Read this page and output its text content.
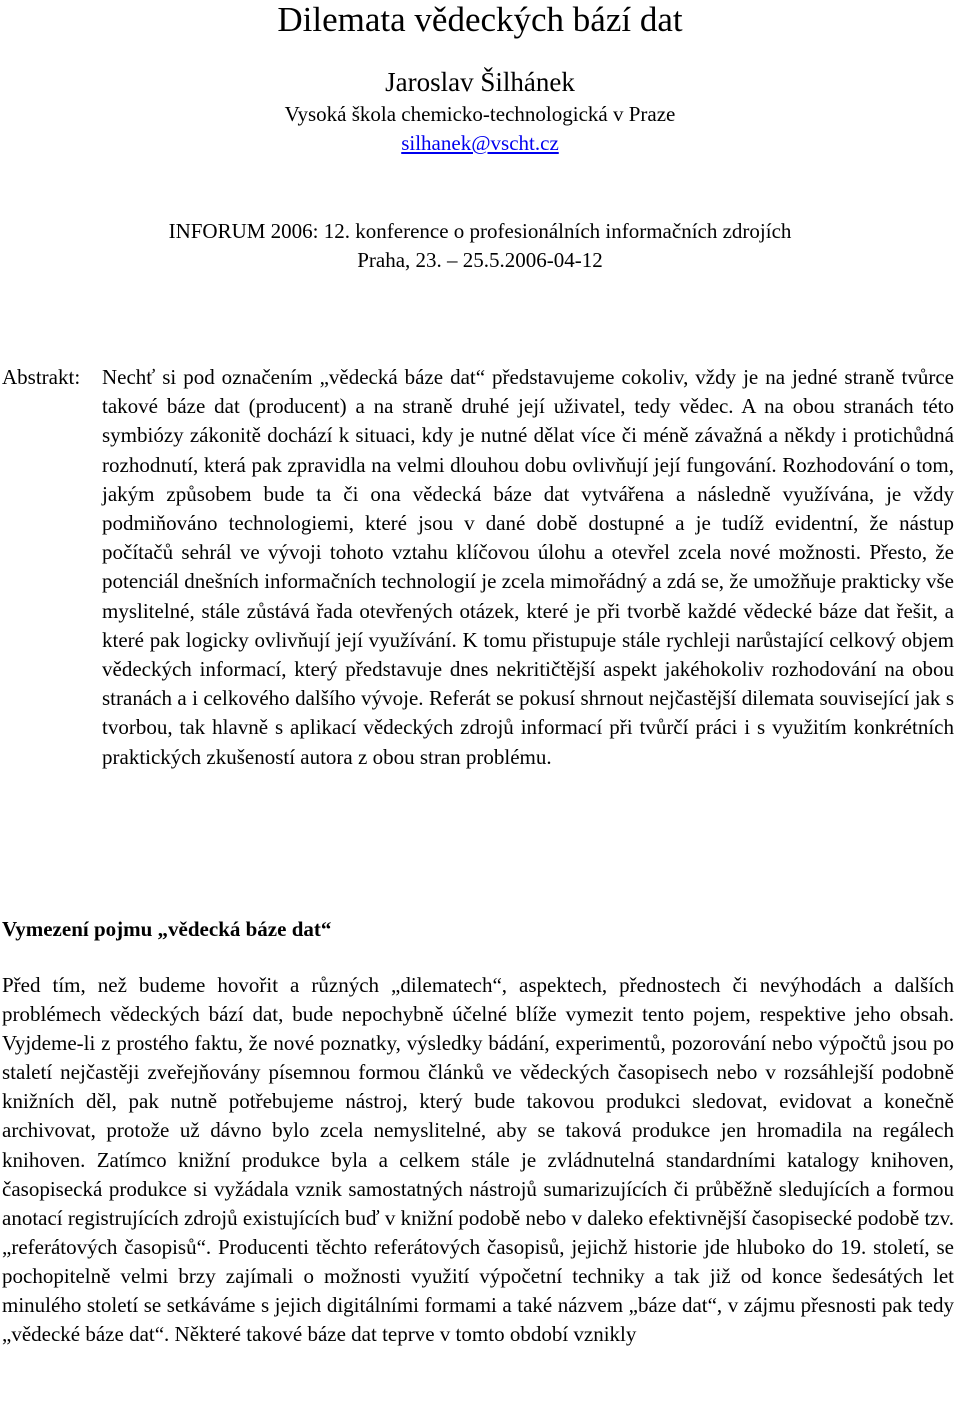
Dilemata vědeckých bází dat
Jaroslav Šilhánek
Vysoká škola chemicko-technologická v Praze
silhanek@vscht.cz
INFORUM 2006: 12. konference o profesionálních informačních zdrojích
Praha, 23. – 25.5.2006-04-12
Abstrakt: Nechť si pod označením „vědecká báze dat“ představujeme cokoliv, vždy je na jedné straně tvůrce takové báze dat (producent) a na straně druhé její uživatel, tedy vědec. A na obou stranách této symbiózy zákonitě dochází k situaci, kdy je nutné dělat více či méně závažná a někdy i protichůdná rozhodnutí, která pak zpravidla na velmi dlouhou dobu ovlivňují její fungování. Rozhodování o tom, jakým způsobem bude ta či ona vědecká báze dat vytvářena a následně využívána, je vždy podmiňováno technologiemi, které jsou v dané době dostupné a je tudíž evidentní, že nástup počítačů sehrál ve vývoji tohoto vztahu klíčovou úlohu a otevřel zcela nové možnosti. Přesto, že potenciál dnešních informačních technologií je zcela mimořádný a zdá se, že umožňuje prakticky vše myslitelné, stále zůstává řada otevřených otázek, které je při tvorbě každé vědecké báze dat řešit, a které pak logicky ovlivňují její využívání. K tomu přistupuje stále rychleji narůstající celkový objem vědeckých informací, který představuje dnes nekritičtější aspekt jakéhokoliv rozhodování na obou stranách a i celkového dalšího vývoje. Referát se pokusí shrnout nejčastější dilemata související jak s tvorbou, tak hlavně s aplikací vědeckých zdrojů informací při tvůrčí práci i s využitím konkrétních praktických zkušeností autora z obou stran problému.
Vymezení pojmu „vědecká báze dat“
Před tím, než budeme hovořit a různých „dilematech“, aspektech, přednostech či nevýhodách a dalších problémech vědeckých bází dat, bude nepochybně účelné blíže vymezit tento pojem, respektive jeho obsah. Vyjdeme-li z prostého faktu, že nové poznatky, výsledky bádání, experimentů, pozorování nebo výpočtů jsou po staletí nejčastěji zveřejňovány písemnou formou článků ve vědeckých časopisech nebo v rozsáhlejší podobně knižních děl, pak nutně potřebujeme nástroj, který bude takovou produkci sledovat, evidovat a konečně archivovat, protože už dávno bylo zcela nemyslitelné, aby se taková produkce jen hromadila na regálech knihoven. Zatímco knižní produkce byla a celkem stále je zvládnutelná standardními katalogy knihoven, časopisecká produkce si vyžádala vznik samostatných nástrojů sumarizujících či průběžně sledujících a formou anotací registrujících zdrojů existujících buď v knižní podobě nebo v daleko efektivnější časopisecké podobě tzv. „referátových časopisů“. Producenti těchto referátových časopisů, jejichž historie jde hluboko do 19. století, se pochopitelně velmi brzy zajímali o možnosti využití výpočetní techniky a tak již od konce šedesátých let minulého století se setkáváme s jejich digitálními formami a také názvem „báze dat“, v zájmu přesnosti pak tedy „vědecké báze dat“. Některé takové báze dat teprve v tomto období vznikly
